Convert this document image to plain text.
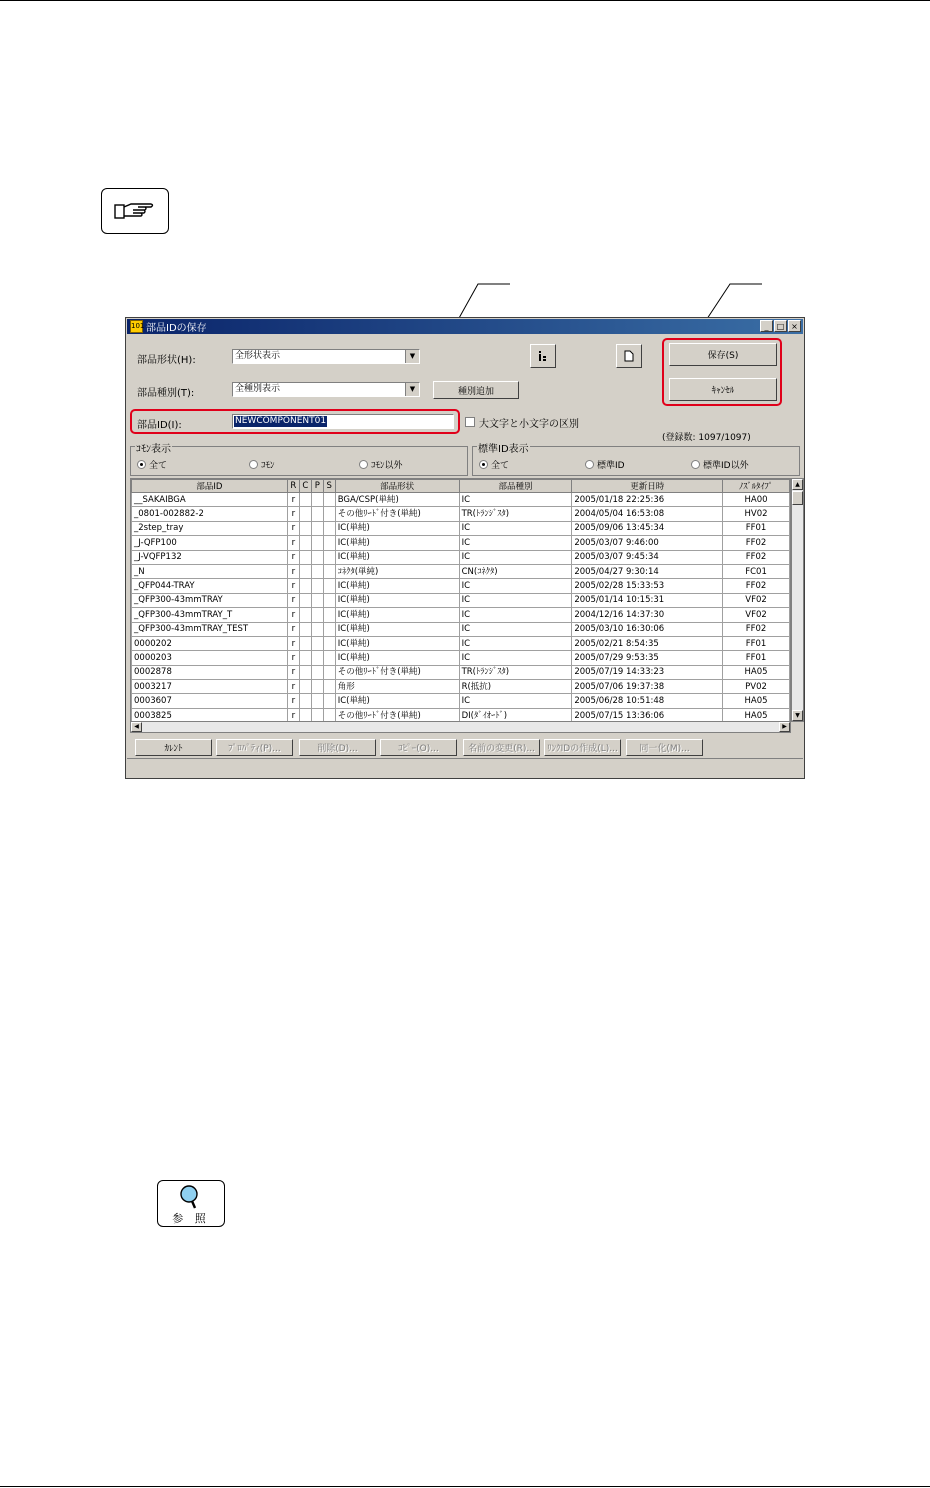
101 部品IDの保存	_	□ ×
部品形状(H):	全形状表示	▼
部品種別(T):	全種別表示	▼	種別追加
部品ID(I):	NEWCOMPONENT01	大文字と小文字の区別
(登録数: 1097/1097)
保存(S)
ｷｬﾝｾﾙ
ｺﾓﾝ表示
全て	ｺﾓﾝ	ｺﾓﾝ以外
標準ID表示
全て	標準ID	標準ID以外
部品ID	R	C	P	S	部品形状	部品種別	更新日時	ﾉｽﾞﾙﾀｲﾌﾟ
__SAKAIBGA	r				BGA/CSP(単純)	IC	2005/01/18 22:25:36	HA00
_0801-002882-2	r				その他ﾘｰﾄﾞ付き(単純)	TR(ﾄﾗﾝｼﾞｽﾀ)	2004/05/04 16:53:08	HV02
_2step_tray	r				IC(単純)	IC	2005/09/06 13:45:34	FF01
_J-QFP100	r				IC(単純)	IC	2005/03/07 9:46:00	FF02
_J-VQFP132	r				IC(単純)	IC	2005/03/07 9:45:34	FF02
_N	r				ｺﾈｸﾀ(単純)	CN(ｺﾈｸﾀ)	2005/04/27 9:30:14	FC01
_QFP044-TRAY	r				IC(単純)	IC	2005/02/28 15:33:53	FF02
_QFP300-43mmTRAY	r				IC(単純)	IC	2005/01/14 10:15:31	VF02
_QFP300-43mmTRAY_T	r				IC(単純)	IC	2004/12/16 14:37:30	VF02
_QFP300-43mmTRAY_TEST	r				IC(単純)	IC	2005/03/10 16:30:06	FF02
0000202	r				IC(単純)	IC	2005/02/21 8:54:35	FF01
0000203	r				IC(単純)	IC	2005/07/29 9:53:35	FF01
0002878	r				その他ﾘｰﾄﾞ付き(単純)	TR(ﾄﾗﾝｼﾞｽﾀ)	2005/07/19 14:33:23	HA05
0003217	r				角形	R(抵抗)	2005/07/06 19:37:38	PV02
0003607	r				IC(単純)	IC	2005/06/28 10:51:48	HA05
0003825	r				その他ﾘｰﾄﾞ付き(単純)	DI(ﾀﾞｲｵｰﾄﾞ)	2005/07/15 13:36:06	HA05
▲
▼
◀	▶
ｶﾚﾝﾄ	ﾌﾟﾛﾊﾟﾃｨ(P)...	削除(D)...	ｺﾋﾟｰ(O)...	名前の変更(R)...	ﾘﾝｸIDの作成(L)...	同一化(M)...
参 照
